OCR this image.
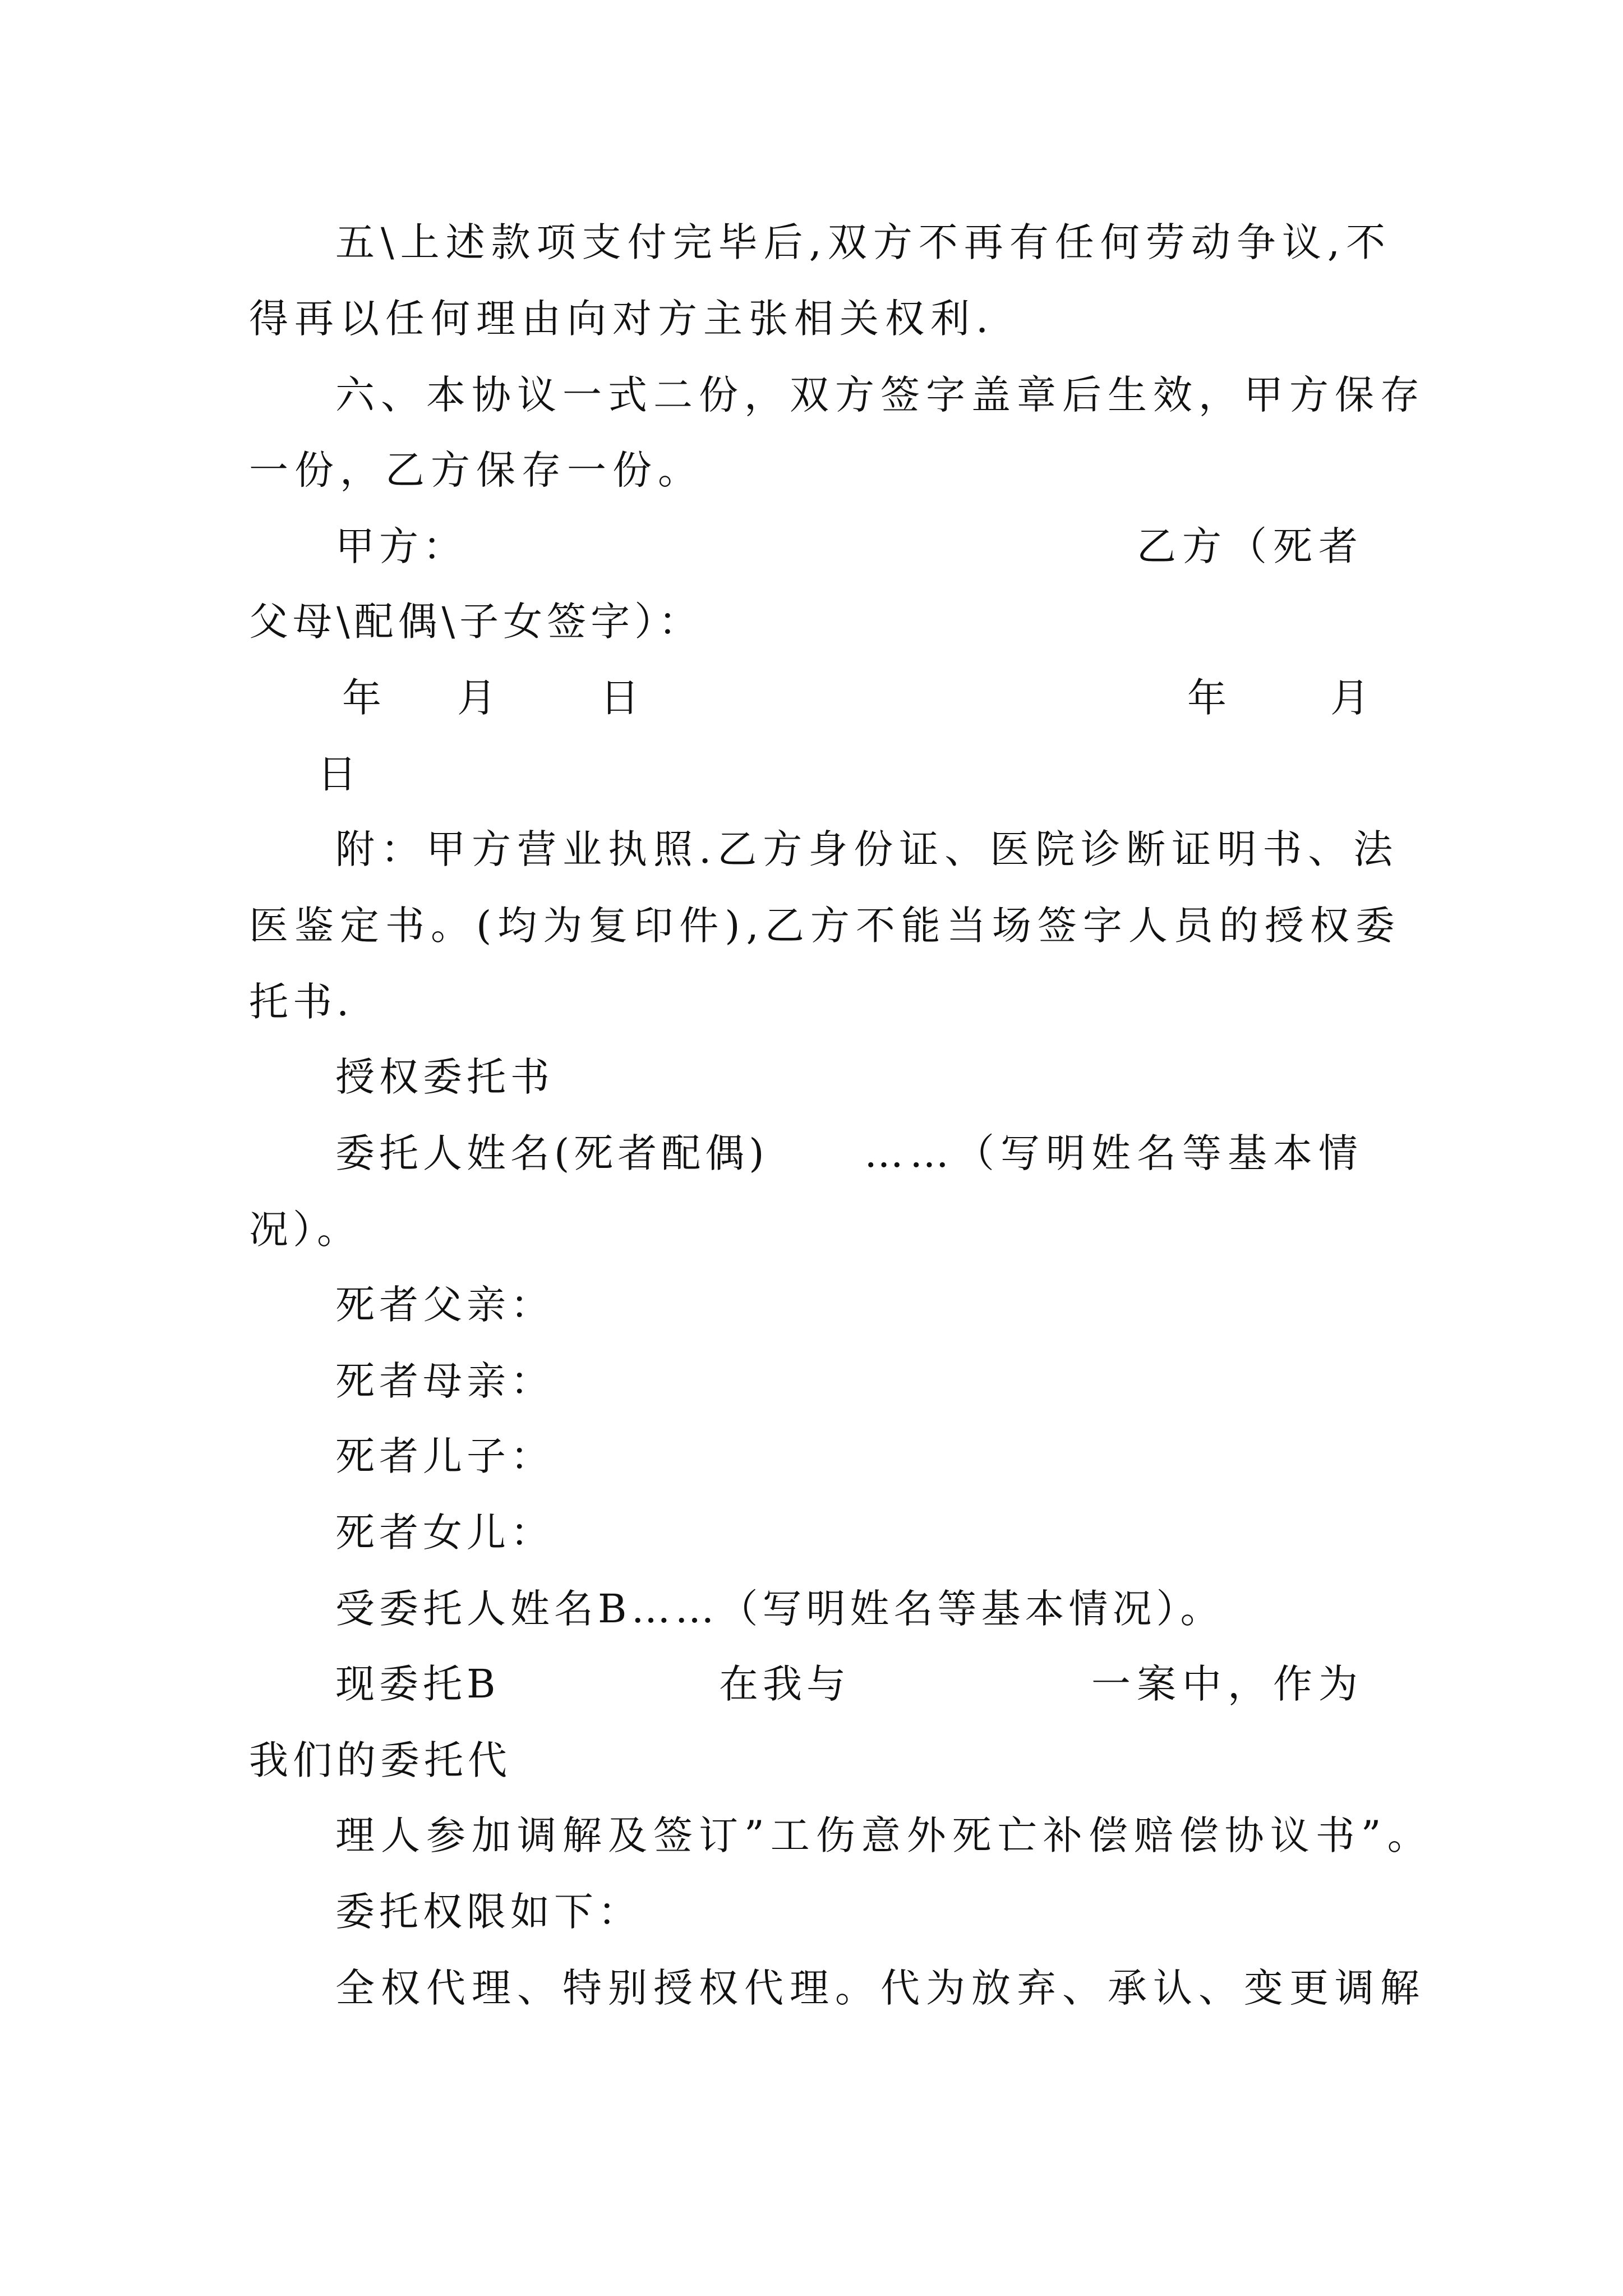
五\上述款项支付完毕后,双方不再有任何劳动争议,不
得再以任何理由向对方主张相关权利.
六、本协议一式二份，双方签字盖章后生效，甲方保存
一份，乙方保存一份。
甲方：	乙方（死者
父母\配偶\子女签字）：
年 月	日	年	月
日
附：甲方营业执照.乙方身份证、医院诊断证明书、法
医鉴定书。(均为复印件),乙方不能当场签字人员的授权委
托书.
授权委托书
委托人姓名(死者配偶) ……（写明姓名等基本情
况）。
死者父亲：
死者母亲：
死者儿子：
死者女儿：
受委托人姓名B……（写明姓名等基本情况）。
现委托B	在我与	一案中，作为
我们的委托代
理人参加调解及签订”工伤意外死亡补偿赔偿协议书”。
委托权限如下：
全权代理、特别授权代理。代为放弃、承认、变更调解
